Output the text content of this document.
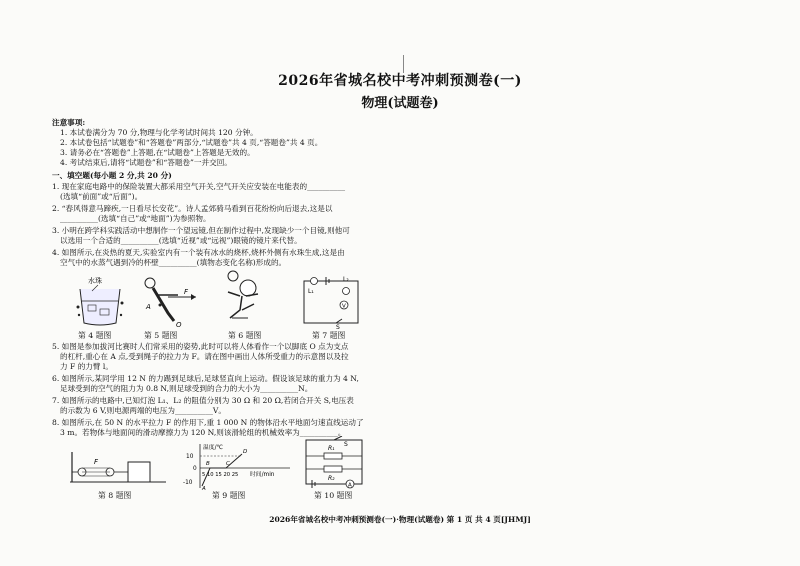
2026年省城名校中考冲刺预测卷(一)
物理(试题卷)
注意事项:
1. 本试卷满分为 70 分,物理与化学考试时间共 120 分钟。
2. 本试卷包括“试题卷”和“答题卷”两部分,“试题卷”共 4 页,“答题卷”共 4 页。
3. 请务必在“答题卷”上答题,在“试题卷”上答题是无效的。
4. 考试结束后,请将“试题卷”和“答题卷”一并交回。
一、填空题(每小题 2 分,共 20 分)
1. 现在家庭电路中的保险装置大都采用空气开关,空气开关应安装在电能表的__________
(选填“前面”或“后面”)。
2. “春风得意马蹄疾,一日看尽长安花”。诗人孟郊骑马看到百花纷纷向后退去,这是以
__________(选填“自己”或“地面”)为参照物。
3. 小明在跨学科实践活动中想制作一个望远镜,但在制作过程中,发现缺少一个目镜,则他可
以选用一个合适的__________(选填“近视”或“远视”)眼镜的镜片来代替。
4. 如图所示,在炎热的夏天,实验室内有一个装有冰水的烧杯,烧杯外侧有水珠生成,这是由
空气中的水蒸气遇到冷的杯壁__________(填物态变化名称)形成的。
水珠
第 4 题图
A
F
O
第 5 题图	第 6 题图
L₂
L₁
V
S
第 7 题图
5. 如图是参加拔河比赛时人们常采用的姿势,此时可以将人体看作一个以脚底 O 点为支点
的杠杆,重心在 A 点,受到绳子的拉力为 F。请在图中画出人体所受重力的示意图以及拉
力 F 的力臂 l。
6. 如图所示,某同学用 12 N 的力踢到足球后,足球竖直向上运动。假设该足球的重力为 4 N,
足球受到的空气的阻力为 0.8 N,则足球受到的合力的大小为__________N。
7. 如图所示的电路中,已知灯泡 L₁、L₂ 的阻值分别为 30 Ω 和 20 Ω,若闭合开关 S,电压表
的示数为 6 V,则电源两端的电压为__________V。
8. 如图所示,在 50 N 的水平拉力 F 的作用下,重 1 000 N 的物体沿水平地面匀速直线运动了
3 m。若物体与地面间的滑动摩擦力为 120 N,则该滑轮组的机械效率为__________。
F
第 8 题图
温度/℃
10
0
-10
5 10 15 20 25 时间/min
A
B	C
D
第 9 题图
S
R₁
R₂
A
第 10 题图
2026年省城名校中考冲刺预测卷(一)·物理(试题卷) 第 1 页 共 4 页[JHMJ]
